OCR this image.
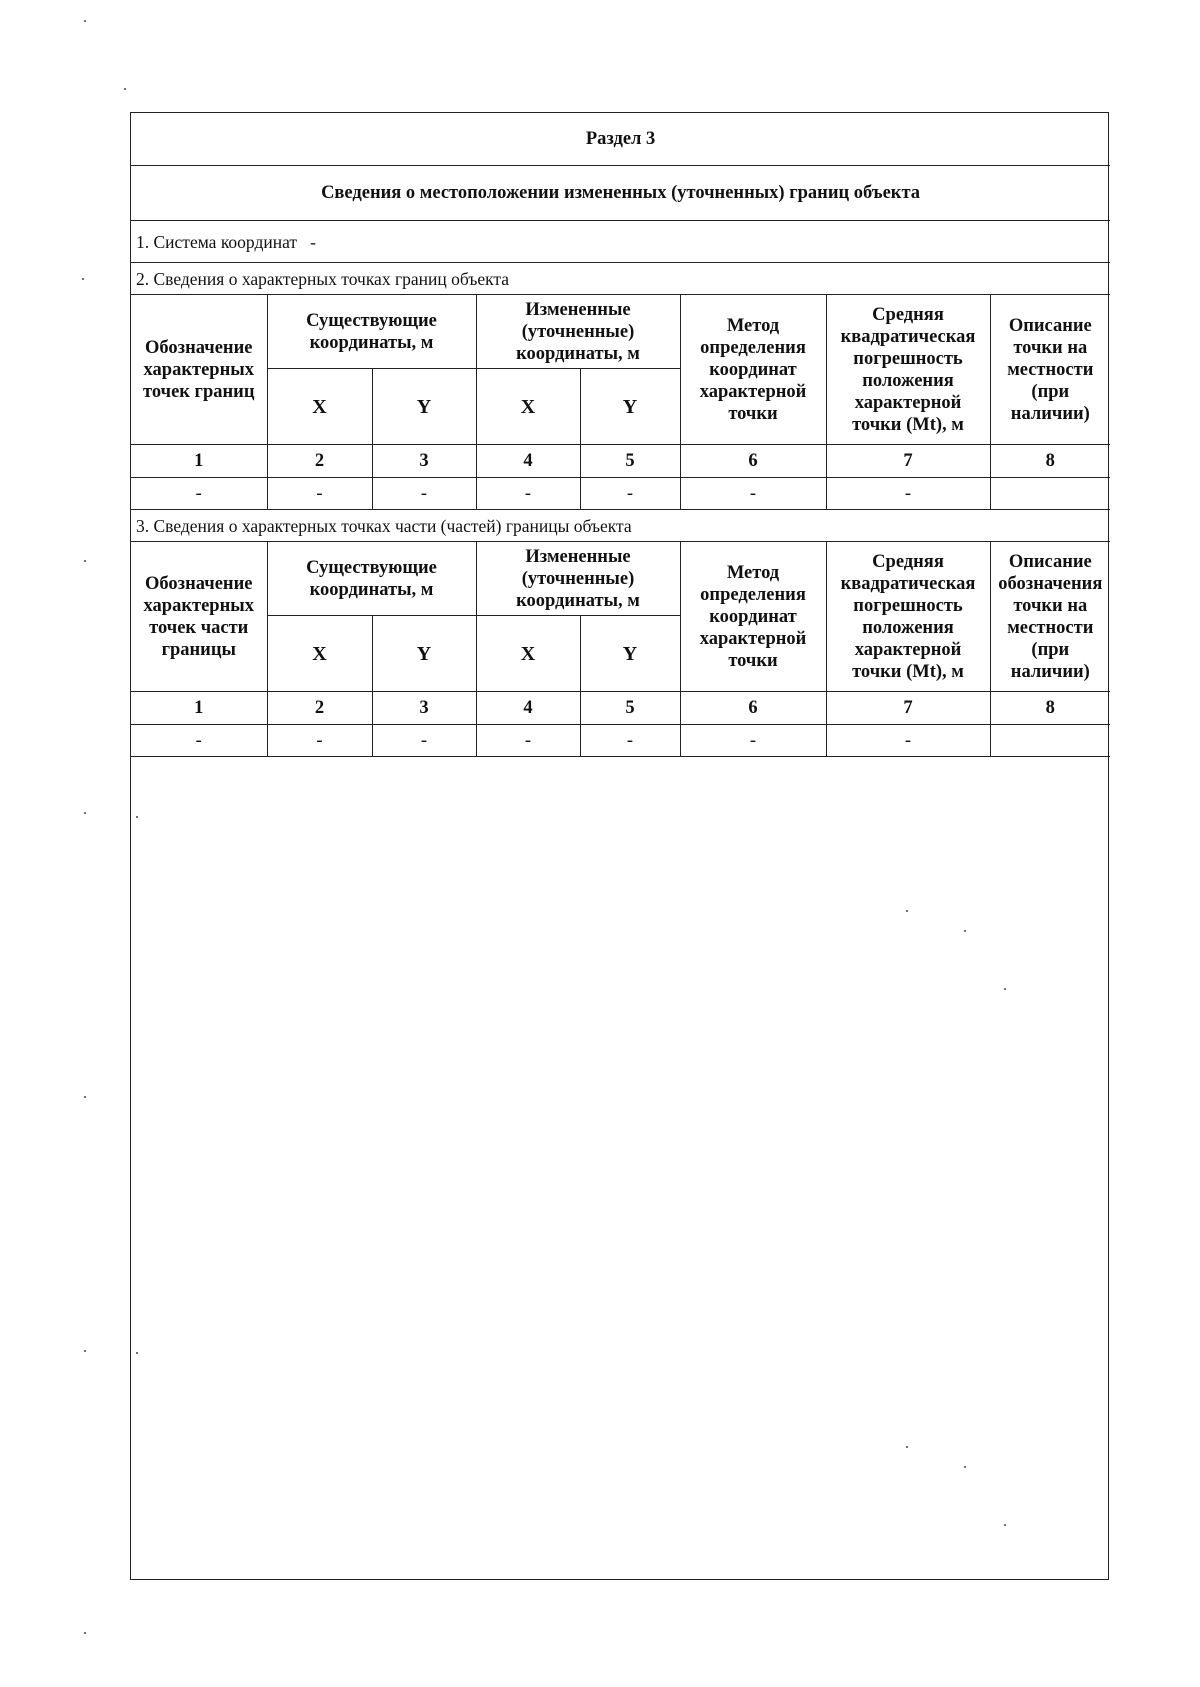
Раздел 3							
Сведения о местоположении измененных (уточненных) границ объекта							
1. Система координат -							
2. Сведения о характерных точках границ объекта							
Обозначение характерных точек границ	Существующие координаты, м		Измененные (уточненные) координаты, м		Метод определения координат характерной точки	Средняя квадратическая погрешность положения характерной точки (Mt), м	Описание точки на местности (при наличии)
	X	Y	X	Y			
1	2	3	4	5	6	7	8
-	-	-	-	-	-	-	
3. Сведения о характерных точках части (частей) границы объекта							
Обозначение характерных точек части границы	Существующие координаты, м		Измененные (уточненные) координаты, м		Метод определения координат характерной точки	Средняя квадратическая погрешность положения характерной точки (Mt), м	Описание обозначения точки на местности (при наличии)
	X	Y	X	Y			
1	2	3	4	5	6	7	8
-	-	-	-	-	-	-	
